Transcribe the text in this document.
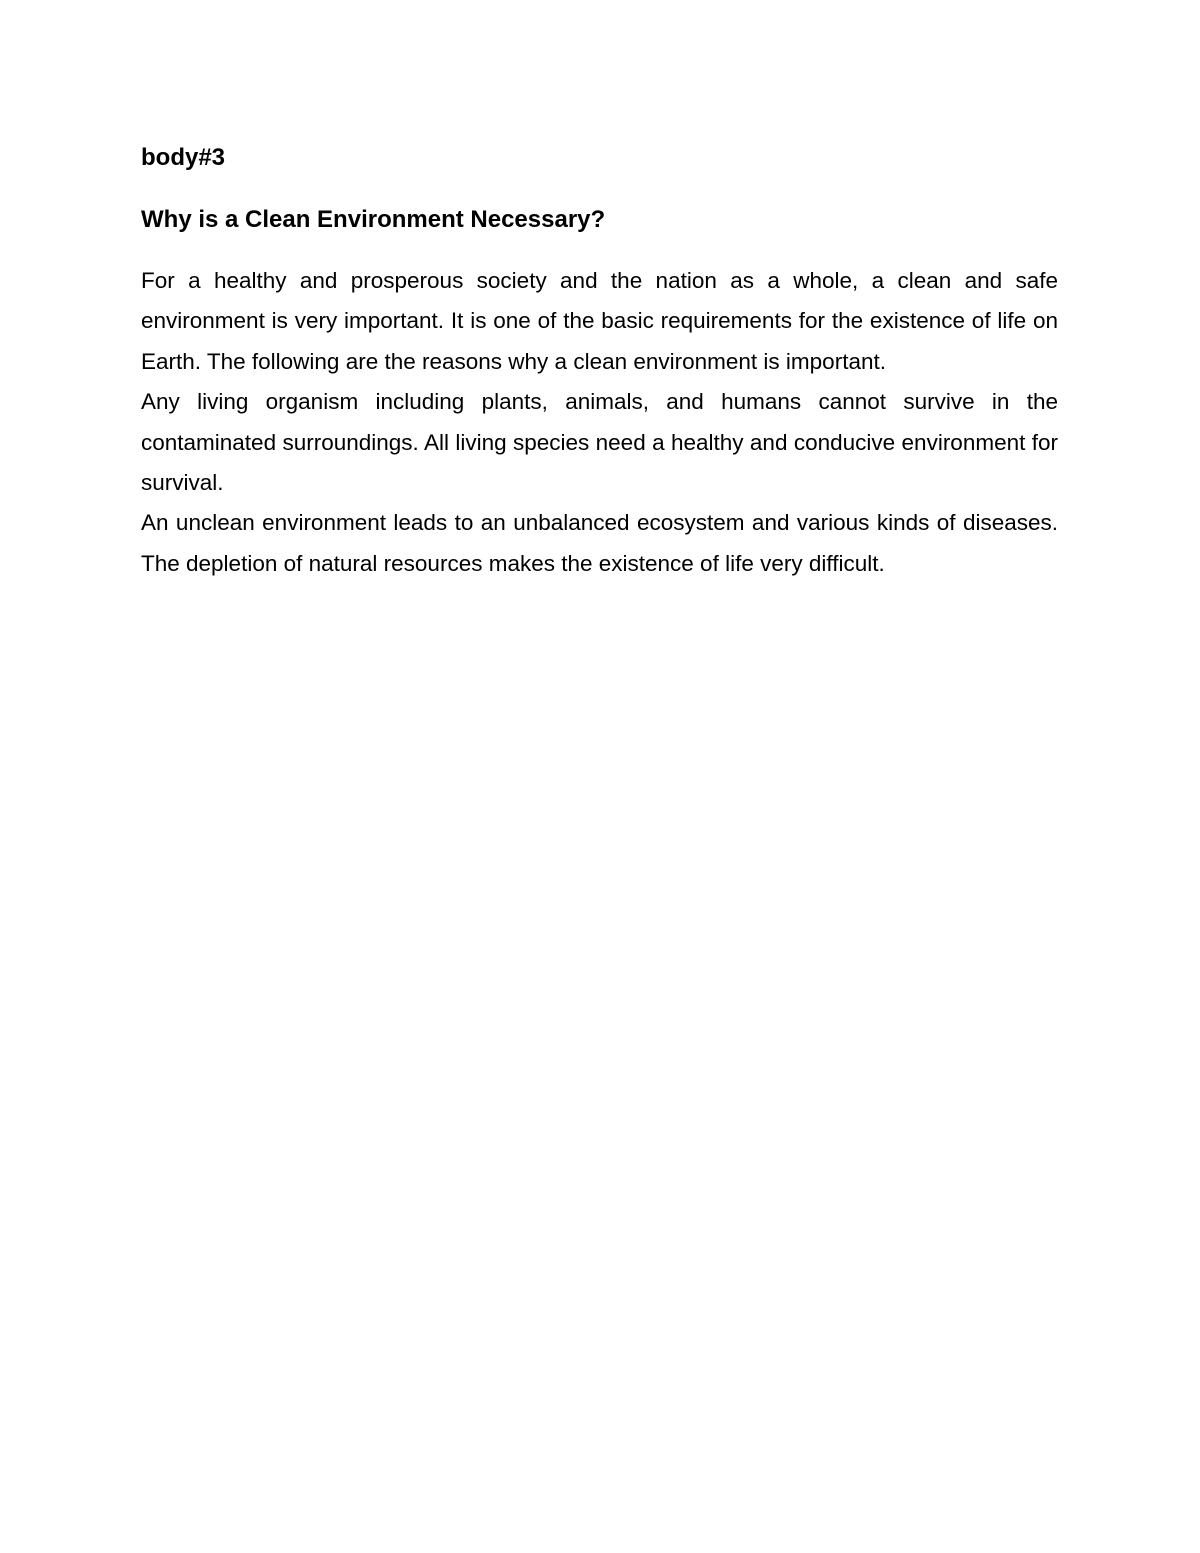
body#3

Why is a Clean Environment Necessary?

For a healthy and prosperous society and the nation as a whole, a clean and safe environment is very important. It is one of the basic requirements for the existence of life on Earth. The following are the reasons why a clean environment is important.

Any living organism including plants, animals, and humans cannot survive in the contaminated surroundings. All living species need a healthy and conducive environment for survival.

An unclean environment leads to an unbalanced ecosystem and various kinds of diseases. The depletion of natural resources makes the existence of life very difficult.
